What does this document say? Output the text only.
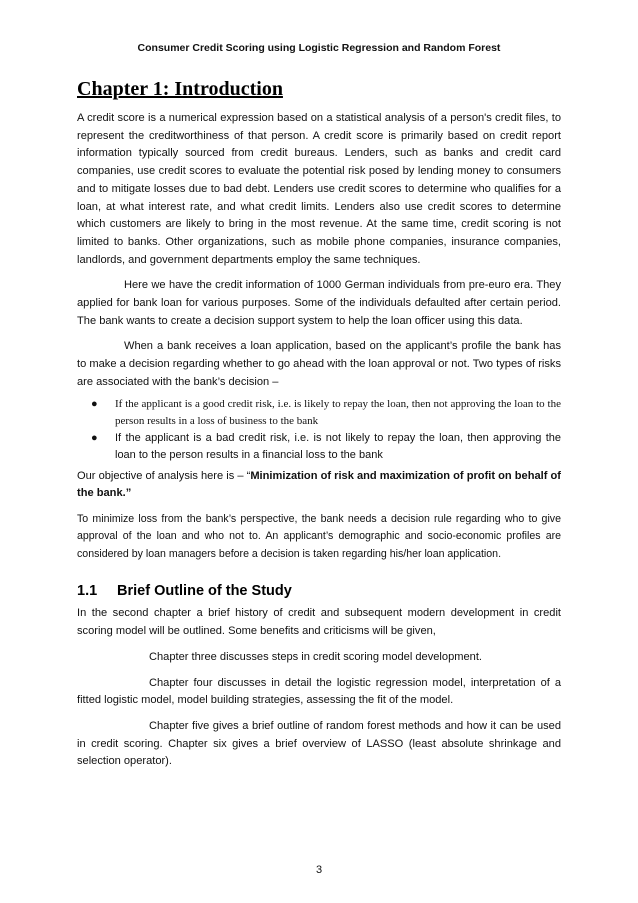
Consumer Credit Scoring using Logistic Regression and Random Forest
Chapter 1: Introduction

A credit score is a numerical expression based on a statistical analysis of a person's credit files, to represent the creditworthiness of that person. A credit score is primarily based on credit report information typically sourced from credit bureaus. Lenders, such as banks and credit card companies, use credit scores to evaluate the potential risk posed by lending money to consumers and to mitigate losses due to bad debt. Lenders use credit scores to determine who qualifies for a loan, at what interest rate, and what credit limits. Lenders also use credit scores to determine which customers are likely to bring in the most revenue. At the same time, credit scoring is not limited to banks. Other organizations, such as mobile phone companies, insurance companies, landlords, and government departments employ the same techniques.

Here we have the credit information of 1000 German individuals from pre-euro era. They applied for bank loan for various purposes. Some of the individuals defaulted after certain period. The bank wants to create a decision support system to help the loan officer using this data.

When a bank receives a loan application, based on the applicant’s profile the bank has to make a decision regarding whether to go ahead with the loan approval or not. Two types of risks are associated with the bank’s decision –

● If the applicant is a good credit risk, i.e. is likely to repay the loan, then not approving the loan to the person results in a loss of business to the bank
● If the applicant is a bad credit risk, i.e. is not likely to repay the loan, then approving the loan to the person results in a financial loss to the bank

Our objective of analysis here is – “Minimization of risk and maximization of profit on behalf of the bank.”

To minimize loss from the bank’s perspective, the bank needs a decision rule regarding who to give approval of the loan and who not to. An applicant’s demographic and socio-economic profiles are considered by loan managers before a decision is taken regarding his/her loan application.

1.1	Brief Outline of the Study

In the second chapter a brief history of credit and subsequent modern development in credit scoring model will be outlined. Some benefits and criticisms will be given,

Chapter three discusses steps in credit scoring model development.

Chapter four discusses in detail the logistic regression model, interpretation of a fitted logistic model, model building strategies, assessing the fit of the model.

Chapter five gives a brief outline of random forest methods and how it can be used in credit scoring. Chapter six gives a brief overview of LASSO (least absolute shrinkage and selection operator).

3
